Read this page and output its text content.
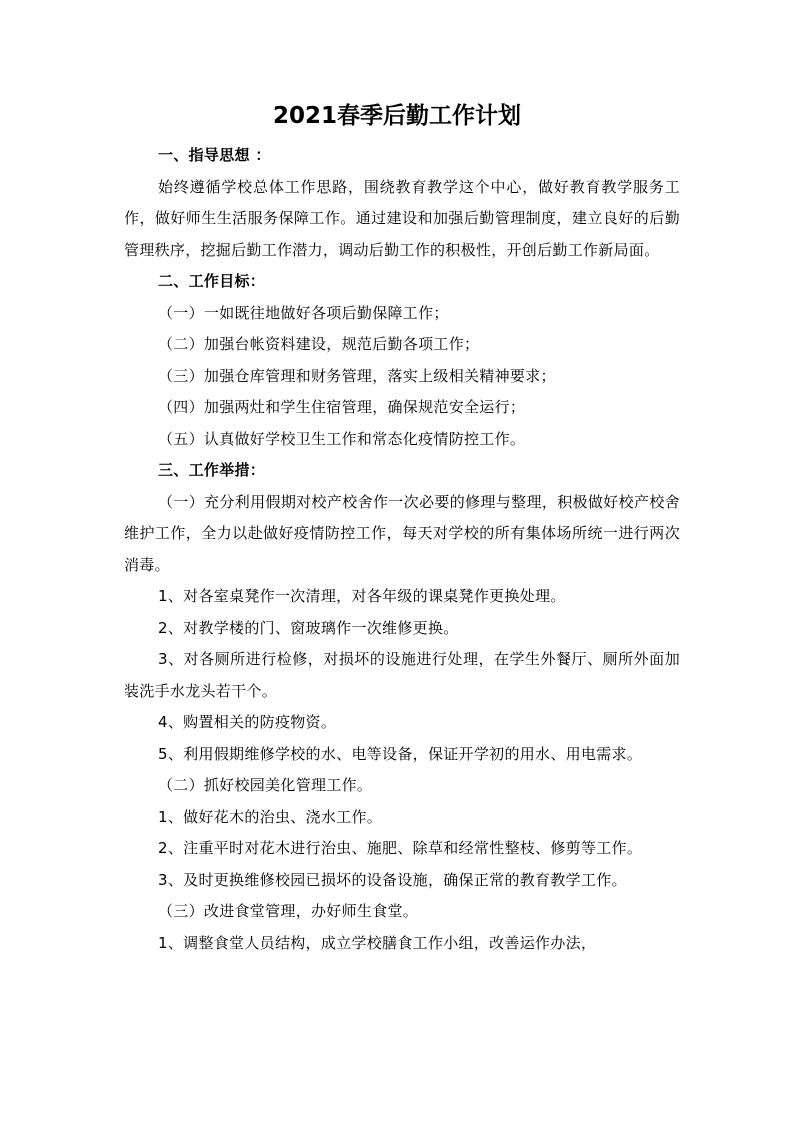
2021春季后勤工作计划

一、指导思想 ：

始终遵循学校总体工作思路，围绕教育教学这个中心，做好教育教学服务工作，做好师生生活服务保障工作。通过建设和加强后勤管理制度，建立良好的后勤管理秩序，挖掘后勤工作潜力，调动后勤工作的积极性，开创后勤工作新局面。

二、工作目标：

（一）一如既往地做好各项后勤保障工作；

（二）加强台帐资料建设，规范后勤各项工作；

（三）加强仓库管理和财务管理，落实上级相关精神要求；

（四）加强两灶和学生住宿管理，确保规范安全运行；

（五）认真做好学校卫生工作和常态化疫情防控工作。

三、工作举措：

（一）充分利用假期对校产校舍作一次必要的修理与整理，积极做好校产校舍维护工作，全力以赴做好疫情防控工作，每天对学校的所有集体场所统一进行两次消毒。

1、对各室桌凳作一次清理，对各年级的课桌凳作更换处理。

2、对教学楼的门、窗玻璃作一次维修更换。

3、对各厕所进行检修，对损坏的设施进行处理，在学生外餐厅、厕所外面加装洗手水龙头若干个。

4、购置相关的防疫物资。

5、利用假期维修学校的水、电等设备，保证开学初的用水、用电需求。

（二）抓好校园美化管理工作。

1、做好花木的治虫、浇水工作。

2、注重平时对花木进行治虫、施肥、除草和经常性整枝、修剪等工作。

3、及时更换维修校园已损坏的设备设施，确保正常的教育教学工作。

（三）改进食堂管理，办好师生食堂。

1、调整食堂人员结构，成立学校膳食工作小组，改善运作办法，
